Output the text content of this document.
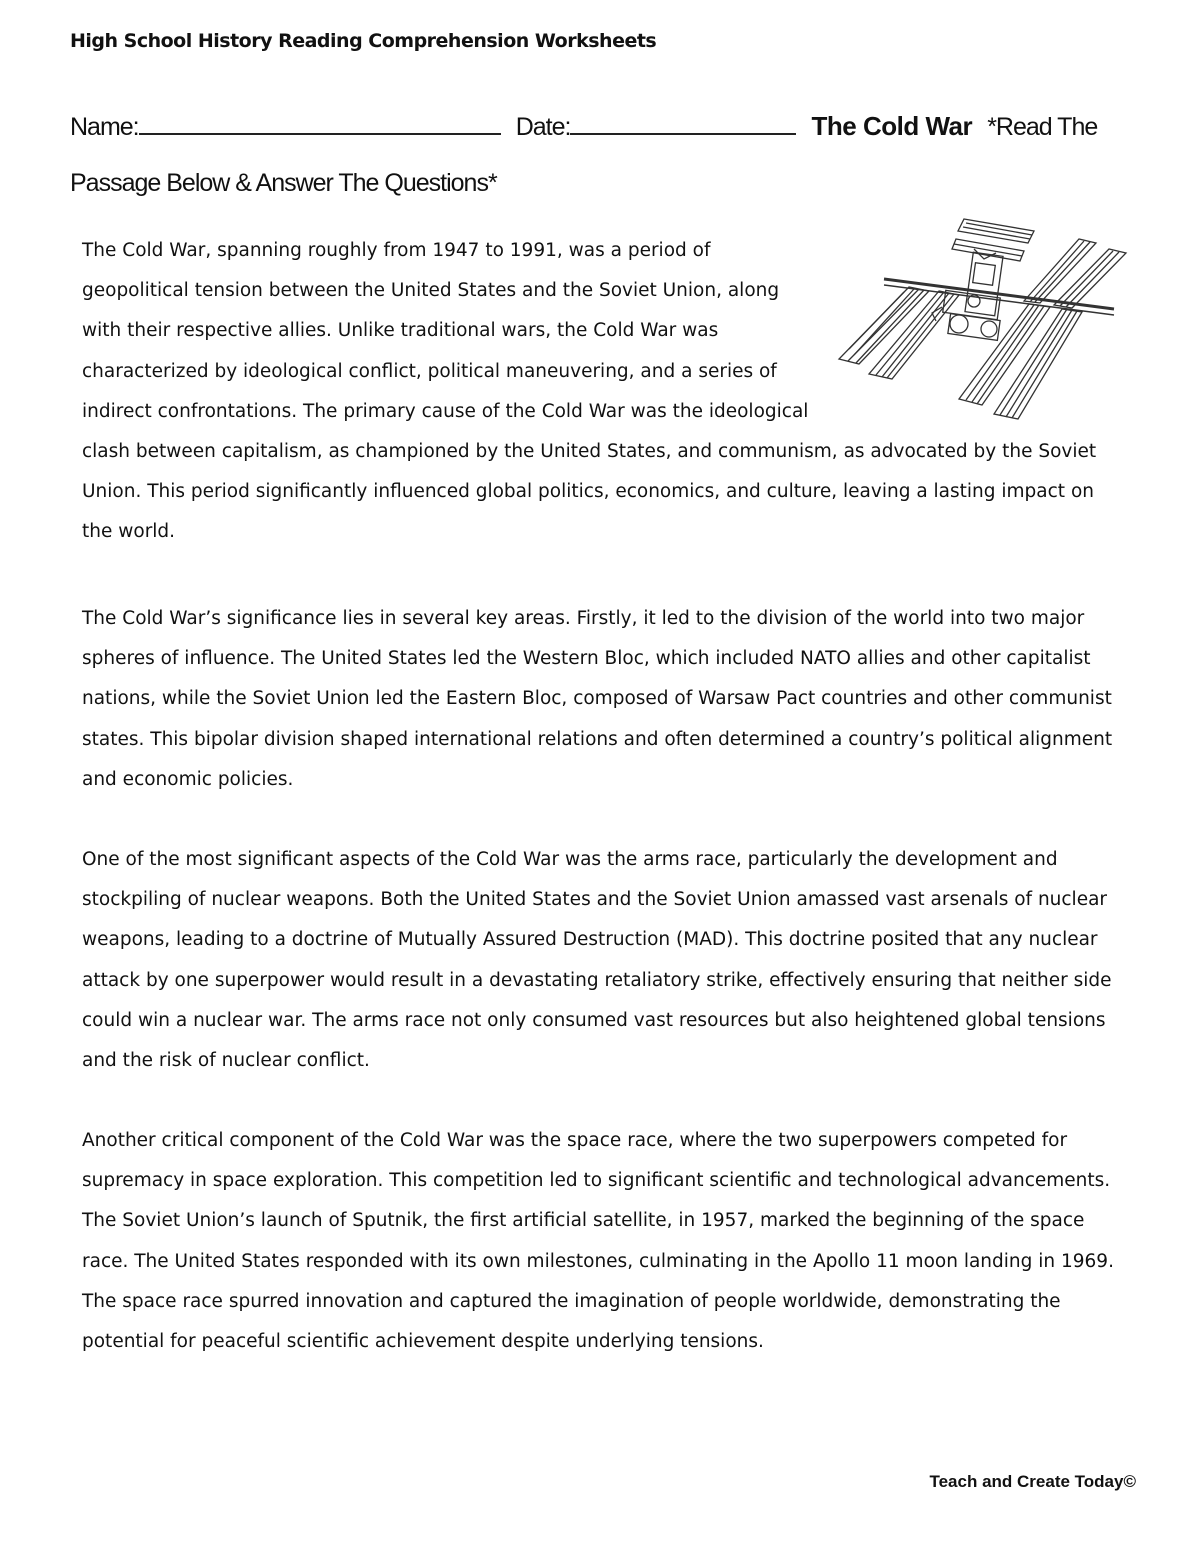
High School History Reading Comprehension Worksheets
Name:	Date:	The Cold War *Read The Passage Below & Answer The Questions*
The Cold War, spanning roughly from 1947 to 1991, was a period of geopolitical tension between the United States and the Soviet Union, along with their respective allies. Unlike traditional wars, the Cold War was characterized by ideological conflict, political maneuvering, and a series of indirect confrontations. The primary cause of the Cold War was the ideological clash between capitalism, as championed by the United States, and communism, as advocated by the Soviet Union. This period significantly influenced global politics, economics, and culture, leaving a lasting impact on the world.

The Cold War’s significance lies in several key areas. Firstly, it led to the division of the world into two major spheres of influence. The United States led the Western Bloc, which included NATO allies and other capitalist nations, while the Soviet Union led the Eastern Bloc, composed of Warsaw Pact countries and other communist states. This bipolar division shaped international relations and often determined a country’s political alignment and economic policies.

One of the most significant aspects of the Cold War was the arms race, particularly the development and stockpiling of nuclear weapons. Both the United States and the Soviet Union amassed vast arsenals of nuclear weapons, leading to a doctrine of Mutually Assured Destruction (MAD). This doctrine posited that any nuclear attack by one superpower would result in a devastating retaliatory strike, effectively ensuring that neither side could win a nuclear war. The arms race not only consumed vast resources but also heightened global tensions and the risk of nuclear conflict.

Another critical component of the Cold War was the space race, where the two superpowers competed for supremacy in space exploration. This competition led to significant scientific and technological advancements. The Soviet Union’s launch of Sputnik, the first artificial satellite, in 1957, marked the beginning of the space race. The United States responded with its own milestones, culminating in the Apollo 11 moon landing in 1969. The space race spurred innovation and captured the imagination of people worldwide, demonstrating the potential for peaceful scientific achievement despite underlying tensions.

Teach and Create Today©
